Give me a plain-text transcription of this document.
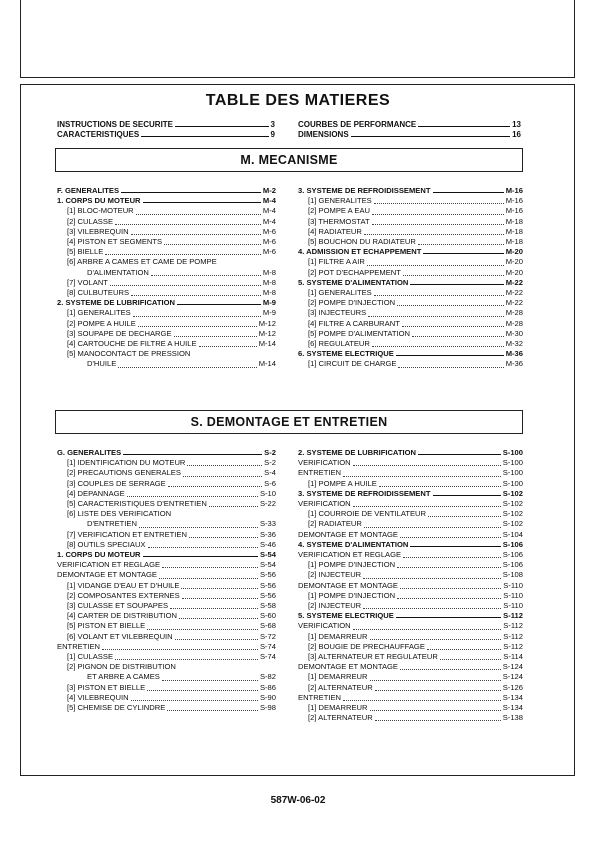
TABLE DES MATIERES
INSTRUCTIONS DE SECURITE	3
CARACTERISTIQUES	9
COURBES DE PERFORMANCE	13
DIMENSIONS	16
M. MECANISME
F. GENERALITES	M-2
1. CORPS DU MOTEUR	M-4
[1] BLOC-MOTEUR	M-4
[2] CULASSE	M-4
[3] VILEBREQUIN	M-6
[4] PISTON ET SEGMENTS	M-6
[5] BIELLE	M-6
[6] ARBRE A CAMES ET CAME DE POMPE
D'ALIMENTATION	M-8
[7] VOLANT	M-8
[8] CULBUTEURS	M-8
2. SYSTEME DE LUBRIFICATION	M-9
[1] GENERALITES	M-9
[2] POMPE A HUILE	M-12
[3] SOUPAPE DE DECHARGE	M-12
[4] CARTOUCHE DE FILTRE A HUILE	M-14
[5] MANOCONTACT DE PRESSION
D'HUILE	M-14
3. SYSTEME DE REFROIDISSEMENT	M-16
[1] GENERALITES	M-16
[2] POMPE A EAU	M-16
[3] THERMOSTAT	M-18
[4] RADIATEUR	M-18
[5] BOUCHON DU RADIATEUR	M-18
4. ADMISSION ET ECHAPPEMENT	M-20
[1] FILTRE A AIR	M-20
[2] POT D'ECHAPPEMENT	M-20
5. SYSTEME D'ALIMENTATION	M-22
[1] GENERALITES	M-22
[2] POMPE D'INJECTION	M-22
[3] INJECTEURS	M-28
[4] FILTRE A CARBURANT	M-28
[5] POMPE D'ALIMENTATION	M-30
[6] REGULATEUR	M-32
6. SYSTEME ELECTRIQUE	M-36
[1] CIRCUIT DE CHARGE	M-36
S. DEMONTAGE ET ENTRETIEN
G. GENERALITES	S-2
[1] IDENTIFICATION DU MOTEUR	S-2
[2] PRECAUTIONS GENERALES	S-4
[3] COUPLES DE SERRAGE	S-6
[4] DEPANNAGE	S-10
[5] CARACTERISTIQUES D'ENTRETIEN	S-22
[6] LISTE DES VERIFICATION
D'ENTRETIEN	S-33
[7] VERIFICATION ET ENTRETIEN	S-36
[8] OUTILS SPECIAUX	S-46
1. CORPS DU MOTEUR	S-54
VERIFICATION ET REGLAGE	S-54
DEMONTAGE ET MONTAGE	S-56
[1] VIDANGE D'EAU ET D'HUILE	S-56
[2] COMPOSANTES EXTERNES	S-56
[3] CULASSE ET SOUPAPES	S-58
[4] CARTER DE DISTRIBUTION	S-60
[5] PISTON ET BIELLE	S-68
[6] VOLANT ET VILEBREQUIN	S-72
ENTRETIEN	S-74
[1] CULASSE	S-74
[2] PIGNON DE DISTRIBUTION
ET ARBRE A CAMES	S-82
[3] PISTON ET BIELLE	S-86
[4] VILEBREQUIN	S-90
[5] CHEMISE DE CYLINDRE	S-98
2. SYSTEME DE LUBRIFICATION	S-100
VERIFICATION	S-100
ENTRETIEN	S-100
[1] POMPE A HUILE	S-100
3. SYSTEME DE REFROIDISSEMENT	S-102
VERIFICATION	S-102
[1] COURROIE DE VENTILATEUR	S-102
[2] RADIATEUR	S-102
DEMONTAGE ET MONTAGE	S-104
4. SYSTEME D'ALIMENTATION	S-106
VERIFICATION ET REGLAGE	S-106
[1] POMPE D'INJECTION	S-106
[2] INJECTEUR	S-108
DEMONTAGE ET MONTAGE	S-110
[1] POMPE D'INJECTION	S-110
[2] INJECTEUR	S-110
5. SYSTEME ELECTRIQUE	S-112
VERIFICATION	S-112
[1] DEMARREUR	S-112
[2] BOUGIE DE PRECHAUFFAGE	S-112
[3] ALTERNATEUR ET REGULATEUR	S-114
DEMONTAGE ET MONTAGE	S-124
[1] DEMARREUR	S-124
[2] ALTERNATEUR	S-126
ENTRETIEN	S-134
[1] DEMARREUR	S-134
[2] ALTERNATEUR	S-138
587W-06-02
